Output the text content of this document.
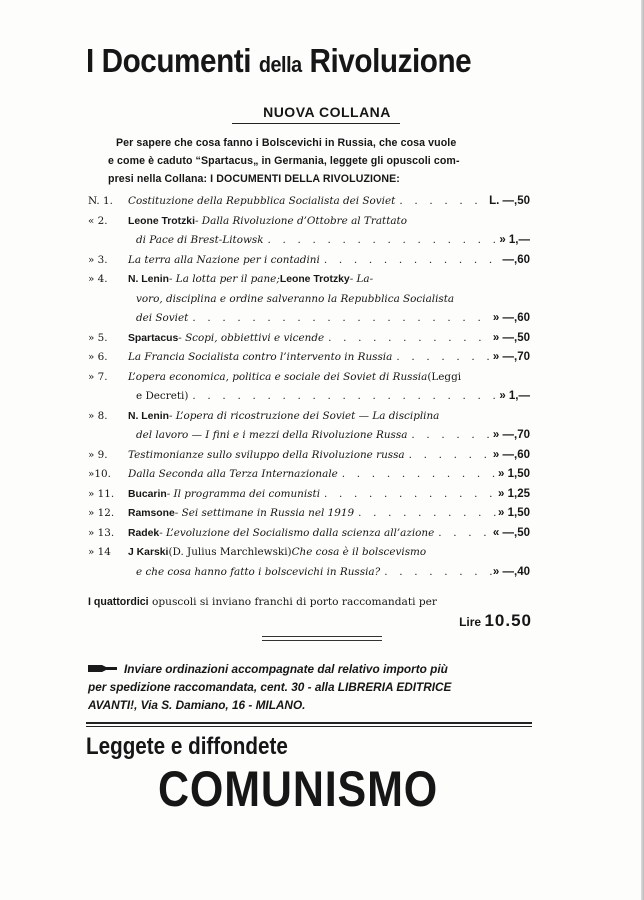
I Documenti della Rivoluzione
NUOVA COLLANA

Per sapere che cosa fanno i Bolscevichi in Russia, che cosa vuole

e come è caduto “Spartacus„ in Germania, leggete gli opuscoli com-

presi nella Collana: I DOCUMENTI DELLA RIVOLUZIONE:

N. 1.	Costituzione della Repubblica Socialista dei Soviet . . .	L. —,50
« 2.	Leone Trotzki - Dalla Rivoluzione d’Ottobre al Trattato
di Pace di Brest-Litowsk . . .	» 1,—
» 3.	La terra alla Nazione per i contadini . . .	—,60
» 4.	N. Lenin - La lotta per il pane; Leone Trotzky - La-
voro, disciplina e ordine salveranno la Repubblica Socialista
dei Soviet . . .	» —,60
» 5.	Spartacus - Scopi, obbiettivi e vicende . . .	» —,50
» 6.	La Francia Socialista contro l’intervento in Russia . . .	» —,70
» 7.	L’opera economica, politica e sociale dei Soviet di Russia (Leggi
e Decreti) . . .	» 1,—
» 8.	N. Lenin - L’opera di ricostruzione dei Soviet — La disciplina
del lavoro — I fini e i mezzi della Rivoluzione Russa . . .	» —,70
» 9.	Testimonianze sullo sviluppo della Rivoluzione russa . . .	» —,60
»10.	Dalla Seconda alla Terza Internazionale . . .	» 1,50
» 11.	Bucarin - Il programma dei comunisti . . .	» 1,25
» 12.	Ramsone - Sei settimane in Russia nel 1919 . . .	» 1,50
» 13.	Radek - L’evoluzione del Socialismo dalla scienza all’azione . . .	« —,50
» 14	J Karski (D. Julius Marchlewski) Che cosa è il bolscevismo
e che cosa hanno fatto i bolscevichi in Russia? . . .	» —,40
I quattordici opuscoli si inviano franchi di porto raccomandati per
Lire 10.50

Inviare ordinazioni accompagnate dal relativo importo più

per spedizione raccomandata, cent. 30 - alla LIBRERIA EDITRICE

AVANTI!, Via S. Damiano, 16 - MILANO.

Leggete e diffondete
COMUNISMO
